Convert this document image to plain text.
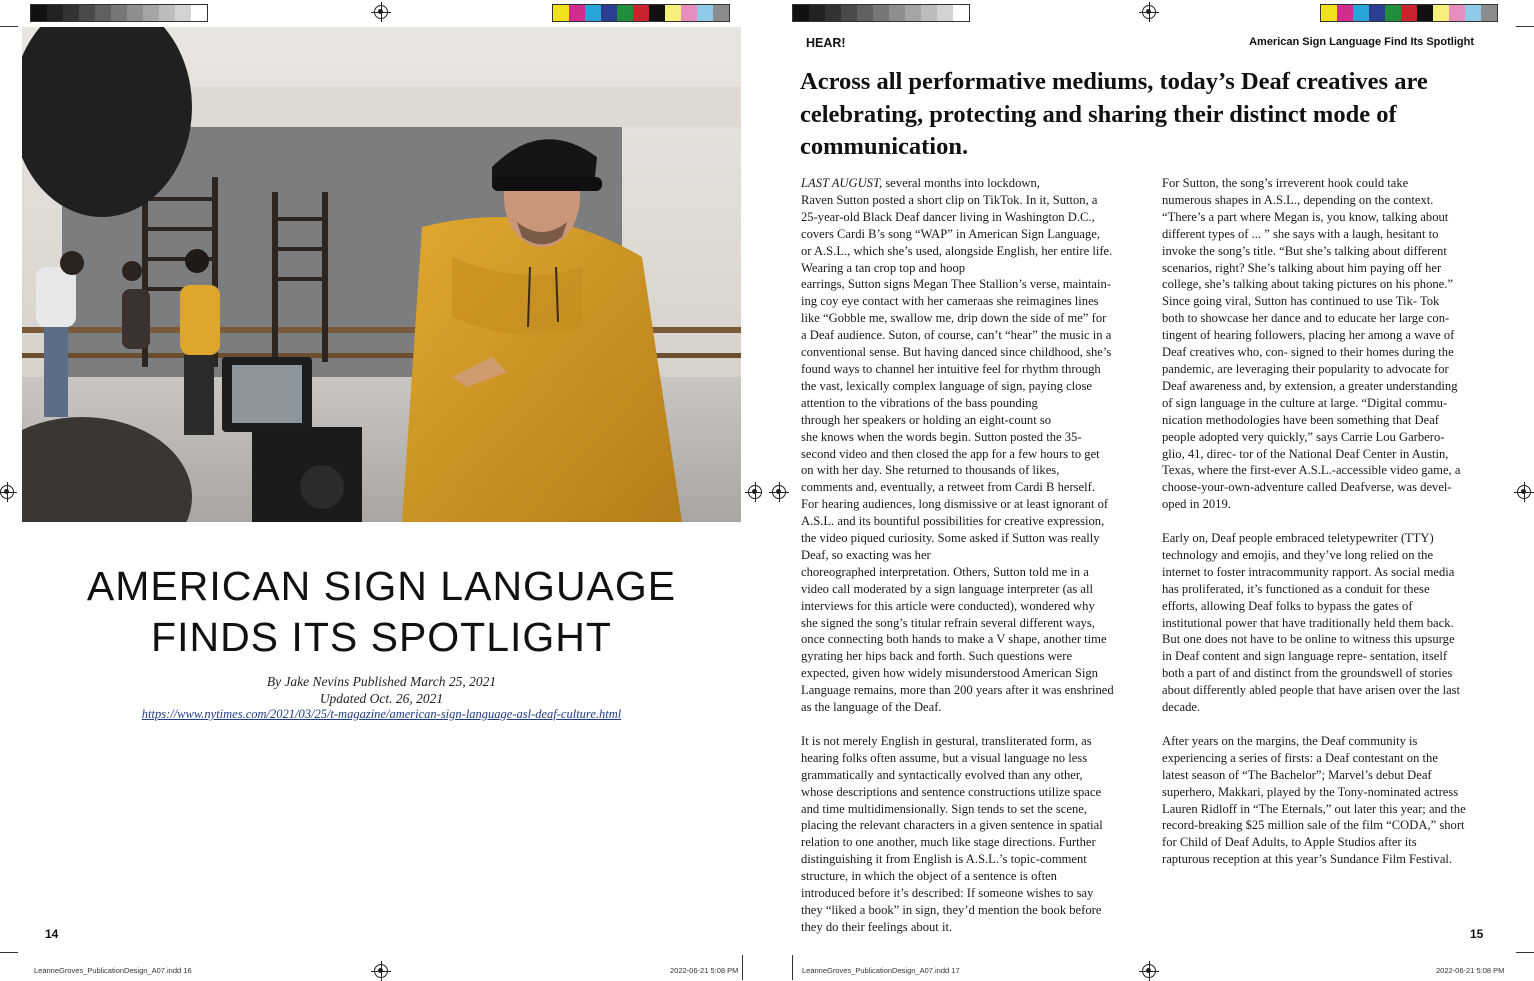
AMERICAN SIGN LANGUAGE
FINDS ITS SPOTLIGHT
By Jake Nevins Published March 25, 2021
Updated Oct. 26, 2021
https://www.nytimes.com/2021/03/25/t-magazine/american-sign-language-asl-deaf-culture.html
14
LeanneGroves_PublicationDesign_A07.indd 16	2022-06-21 5:08 PM
HEAR!	American Sign Language Find Its Spotlight
Across all performative mediums, today’s Deaf creatives are celebrating, protecting and sharing their distinct mode of communication.

LAST AUGUST, several months into lockdown,
Raven Sutton posted a short clip on TikTok. In it, Sutton, a
25-year-old Black Deaf dancer living in Washington D.C.,
covers Cardi B’s song “WAP” in American Sign Language,
or A.S.L., which she’s used, alongside English, her entire life.
Wearing a tan crop top and hoop
earrings, Sutton signs Megan Thee Stallion’s verse, maintain-
ing coy eye contact with her cameraas she reimagines lines
like “Gobble me, swallow me, drip down the side of me” for
a Deaf audience. Suton, of course, can’t “hear” the music in a
conventional sense. But having danced since childhood, she’s
found ways to channel her intuitive feel for rhythm through
the vast, lexically complex language of sign, paying close
attention to the vibrations of the bass pounding
through her speakers or holding an eight-count so
she knows when the words begin. Sutton posted the 35-
second video and then closed the app for a few hours to get
on with her day. She returned to thousands of likes,
comments and, eventually, a retweet from Cardi B herself.
For hearing audiences, long dismissive or at least ignorant of
A.S.L. and its bountiful possibilities for creative expression,
the video piqued curiosity. Some asked if Sutton was really
Deaf, so exacting was her
choreographed interpretation. Others, Sutton told me in a
video call moderated by a sign language interpreter (as all
interviews for this article were conducted), wondered why
she signed the song’s titular refrain several different ways,
once connecting both hands to make a V shape, another time
gyrating her hips back and forth. Such questions were
expected, given how widely misunderstood American Sign
Language remains, more than 200 years after it was enshrined
as the language of the Deaf.

It is not merely English in gestural, transliterated form, as
hearing folks often assume, but a visual language no less
grammatically and syntactically evolved than any other,
whose descriptions and sentence constructions utilize space
and time multidimensionally. Sign tends to set the scene,
placing the relevant characters in a given sentence in spatial
relation to one another, much like stage directions. Further
distinguishing it from English is A.S.L.’s topic-comment
structure, in which the object of a sentence is often
introduced before it’s described: If someone wishes to say
they “liked a book” in sign, they’d mention the book before
they do their feelings about it.

For Sutton, the song’s irreverent hook could take
numerous shapes in A.S.L., depending on the context.
“There’s a part where Megan is, you know, talking about
different types of ... ” she says with a laugh, hesitant to
invoke the song’s title. “But she’s talking about different
scenarios, right? She’s talking about him paying off her
college, she’s talking about taking pictures on his phone.”
Since going viral, Sutton has continued to use Tik- Tok
both to showcase her dance and to educate her large con-
tingent of hearing followers, placing her among a wave of
Deaf creatives who, con- signed to their homes during the
pandemic, are leveraging their popularity to advocate for
Deaf awareness and, by extension, a greater understanding
of sign language in the culture at large. “Digital commu-
nication methodologies have been something that Deaf
people adopted very quickly,” says Carrie Lou Garbero-
glio, 41, direc- tor of the National Deaf Center in Austin,
Texas, where the first-ever A.S.L.-accessible video game, a
choose-your-own-adventure called Deafverse, was devel-
oped in 2019.

Early on, Deaf people embraced teletypewriter (TTY)
technology and emojis, and they’ve long relied on the
internet to foster intracommunity rapport. As social media
has proliferated, it’s functioned as a conduit for these
efforts, allowing Deaf folks to bypass the gates of
institutional power that have traditionally held them back.
But one does not have to be online to witness this upsurge
in Deaf content and sign language repre- sentation, itself
both a part of and distinct from the groundswell of stories
about differently abled people that have arisen over the last
decade.

After years on the margins, the Deaf community is
experiencing a series of firsts: a Deaf contestant on the
latest season of “The Bachelor”; Marvel’s debut Deaf
superhero, Makkari, played by the Tony-nominated actress
Lauren Ridloff in “The Eternals,” out later this year; and the
record-breaking $25 million sale of the film “CODA,” short
for Child of Deaf Adults, to Apple Studios after its
rapturous reception at this year’s Sundance Film Festival.

15
LeanneGroves_PublicationDesign_A07.indd 17	2022-06-21 5:08 PM
